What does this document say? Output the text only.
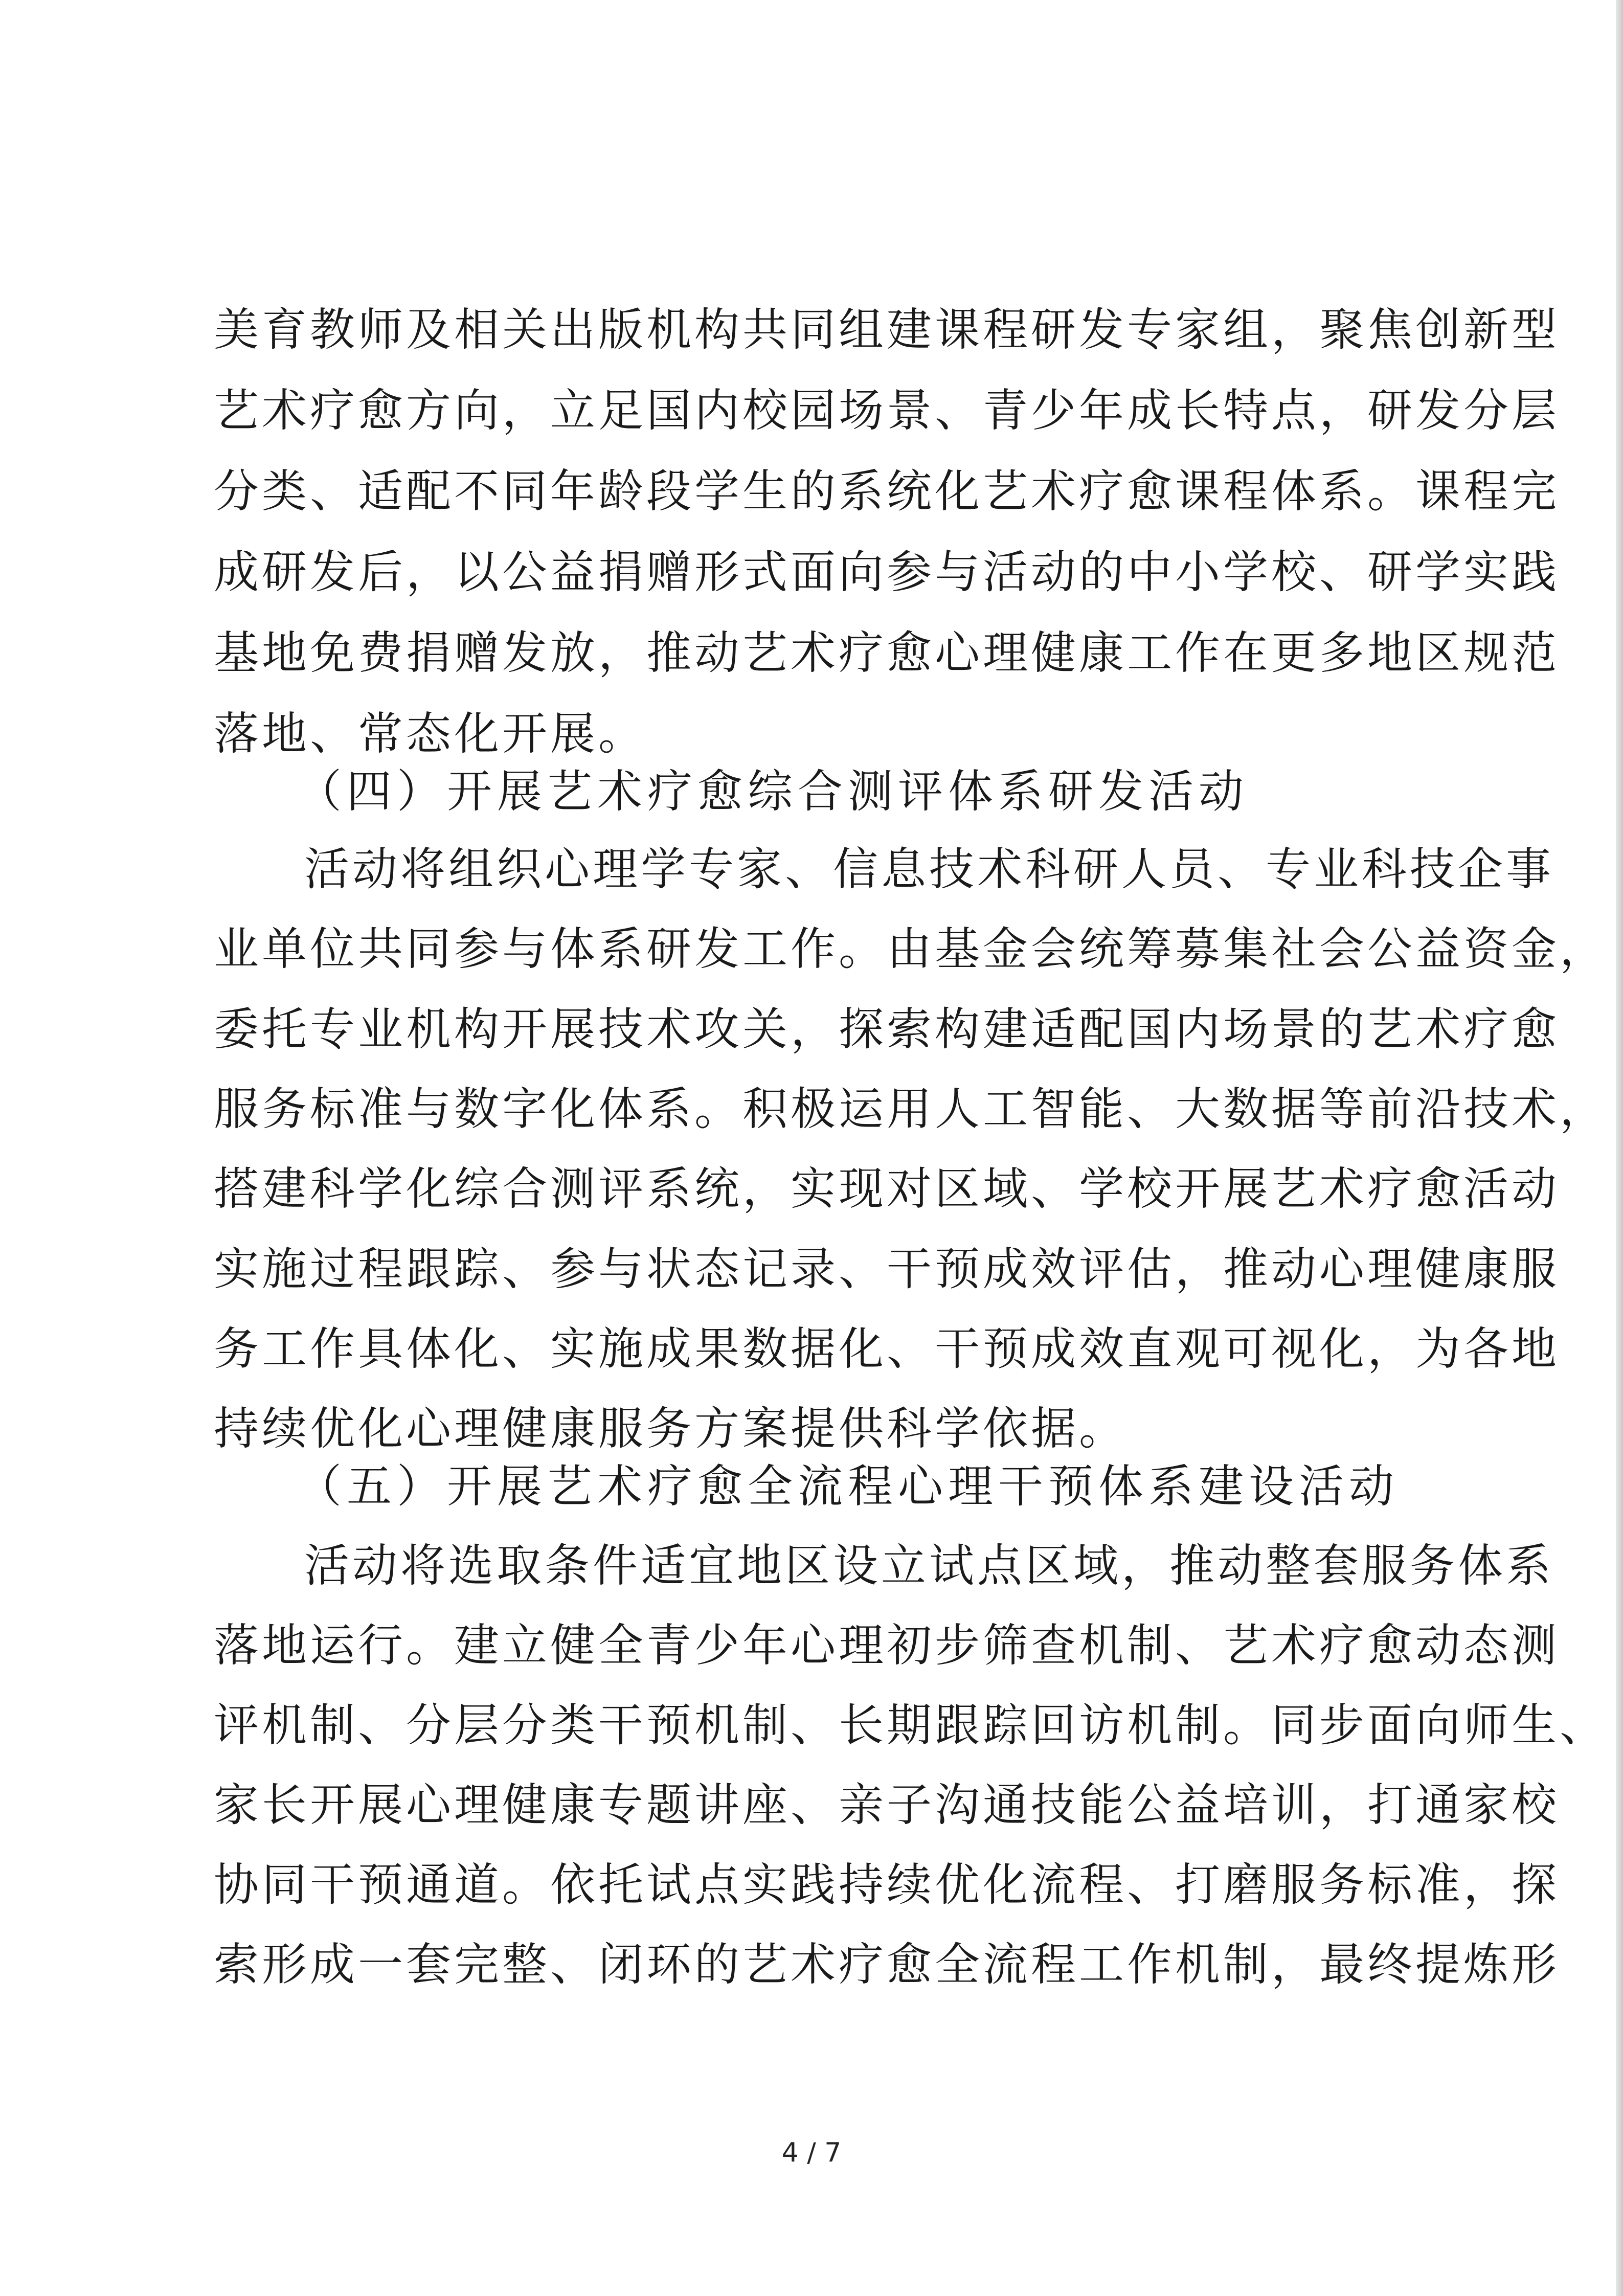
美育教师及相关出版机构共同组建课程研发专家组，聚焦创新型
艺术疗愈方向，立足国内校园场景、青少年成长特点，研发分层
分类、适配不同年龄段学生的系统化艺术疗愈课程体系。课程完
成研发后，以公益捐赠形式面向参与活动的中小学校、研学实践
基地免费捐赠发放，推动艺术疗愈心理健康工作在更多地区规范
落地、常态化开展。
（四）开展艺术疗愈综合测评体系研发活动
活动将组织心理学专家、信息技术科研人员、专业科技企事
业单位共同参与体系研发工作。由基金会统筹募集社会公益资金，
委托专业机构开展技术攻关，探索构建适配国内场景的艺术疗愈
服务标准与数字化体系。积极运用人工智能、大数据等前沿技术，
搭建科学化综合测评系统，实现对区域、学校开展艺术疗愈活动
实施过程跟踪、参与状态记录、干预成效评估，推动心理健康服
务工作具体化、实施成果数据化、干预成效直观可视化，为各地
持续优化心理健康服务方案提供科学依据。
（五）开展艺术疗愈全流程心理干预体系建设活动
活动将选取条件适宜地区设立试点区域，推动整套服务体系
落地运行。建立健全青少年心理初步筛查机制、艺术疗愈动态测
评机制、分层分类干预机制、长期跟踪回访机制。同步面向师生、
家长开展心理健康专题讲座、亲子沟通技能公益培训，打通家校
协同干预通道。依托试点实践持续优化流程、打磨服务标准，探
索形成一套完整、闭环的艺术疗愈全流程工作机制，最终提炼形
4 / 7
